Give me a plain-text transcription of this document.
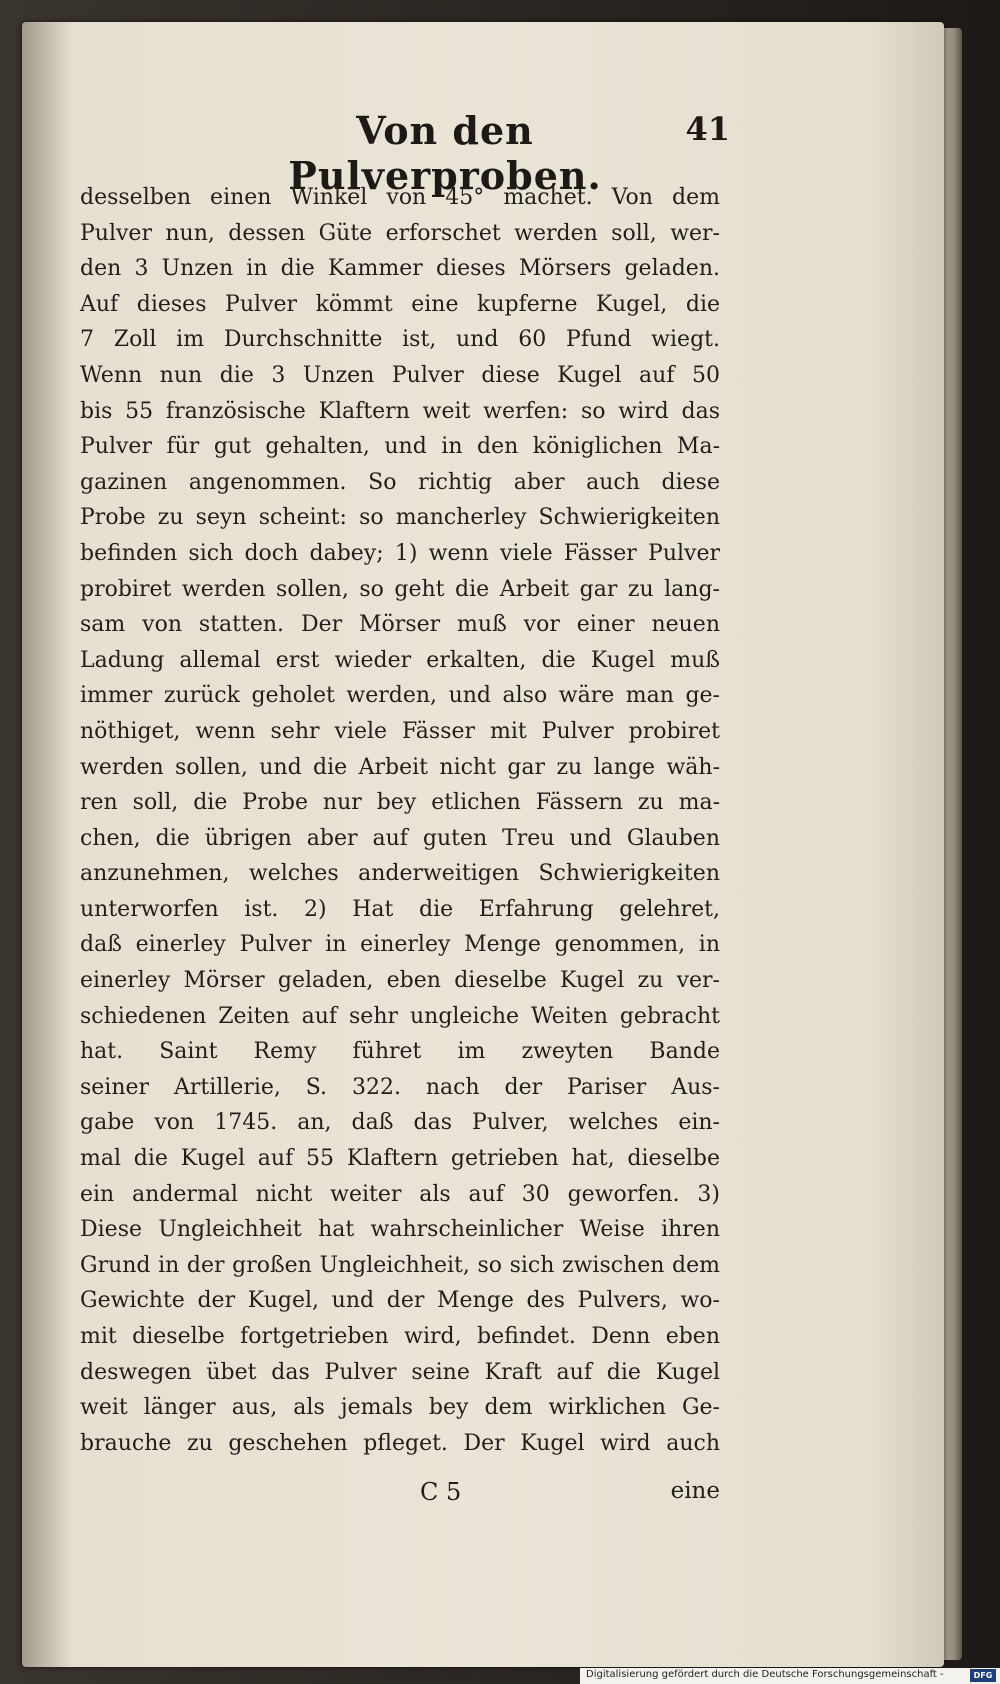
Von den Pulverproben.
41
desselben einen Winkel von 45° machet. Von dem
Pulver nun, dessen Güte erforschet werden soll, wer-
den 3 Unzen in die Kammer dieses Mörsers geladen.
Auf dieses Pulver kömmt eine kupferne Kugel, die
7 Zoll im Durchschnitte ist, und 60 Pfund wiegt.
Wenn nun die 3 Unzen Pulver diese Kugel auf 50
bis 55 französische Klaftern weit werfen: so wird das
Pulver für gut gehalten, und in den königlichen Ma-
gazinen angenommen. So richtig aber auch diese
Probe zu seyn scheint: so mancherley Schwierigkeiten
befinden sich doch dabey; 1) wenn viele Fässer Pulver
probiret werden sollen, so geht die Arbeit gar zu lang-
sam von statten. Der Mörser muß vor einer neuen
Ladung allemal erst wieder erkalten, die Kugel muß
immer zurück geholet werden, und also wäre man ge-
nöthiget, wenn sehr viele Fässer mit Pulver probiret
werden sollen, und die Arbeit nicht gar zu lange wäh-
ren soll, die Probe nur bey etlichen Fässern zu ma-
chen, die übrigen aber auf guten Treu und Glauben
anzunehmen, welches anderweitigen Schwierigkeiten
unterworfen ist. 2) Hat die Erfahrung gelehret,
daß einerley Pulver in einerley Menge genommen, in
einerley Mörser geladen, eben dieselbe Kugel zu ver-
schiedenen Zeiten auf sehr ungleiche Weiten gebracht
hat. Saint Remy führet im zweyten Bande
seiner Artillerie, S. 322. nach der Pariser Aus-
gabe von 1745. an, daß das Pulver, welches ein-
mal die Kugel auf 55 Klaftern getrieben hat, dieselbe
ein andermal nicht weiter als auf 30 geworfen. 3)
Diese Ungleichheit hat wahrscheinlicher Weise ihren
Grund in der großen Ungleichheit, so sich zwischen dem
Gewichte der Kugel, und der Menge des Pulvers, wo-
mit dieselbe fortgetrieben wird, befindet. Denn eben
deswegen übet das Pulver seine Kraft auf die Kugel
weit länger aus, als jemals bey dem wirklichen Ge-
brauche zu geschehen pfleget. Der Kugel wird auch
C 5	eine
Digitalisierung gefördert durch die Deutsche Forschungsgemeinschaft -	DFG
